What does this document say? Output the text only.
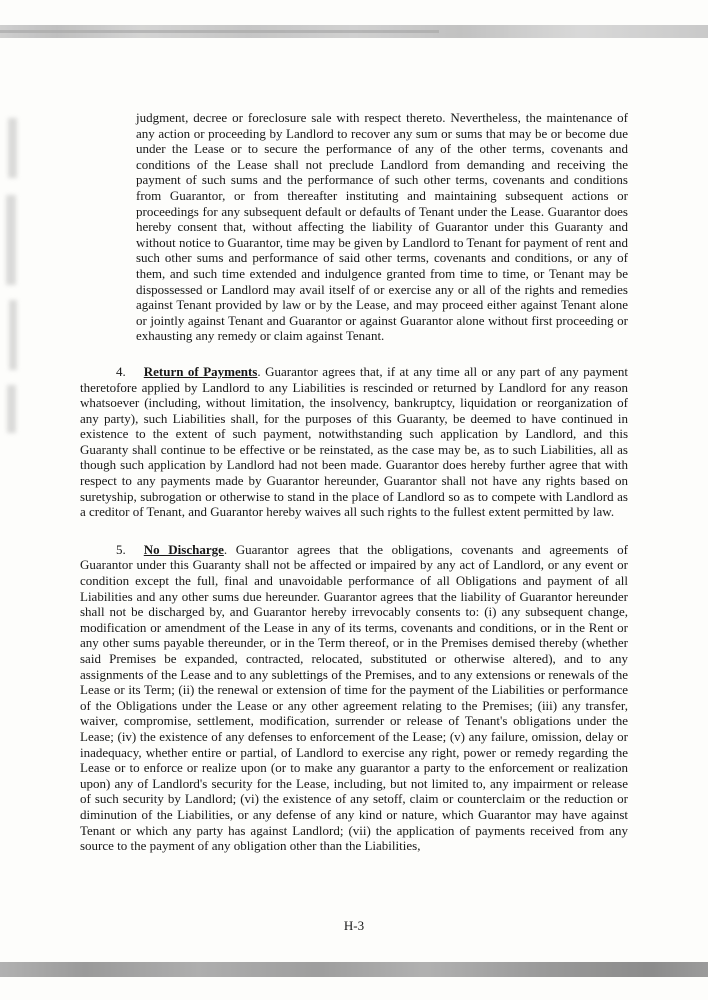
judgment, decree or foreclosure sale with respect thereto. Nevertheless, the maintenance of any action or proceeding by Landlord to recover any sum or sums that may be or become due under the Lease or to secure the performance of any of the other terms, covenants and conditions of the Lease shall not preclude Landlord from demanding and receiving the payment of such sums and the performance of such other terms, covenants and conditions from Guarantor, or from thereafter instituting and maintaining subsequent actions or proceedings for any subsequent default or defaults of Tenant under the Lease. Guarantor does hereby consent that, without affecting the liability of Guarantor under this Guaranty and without notice to Guarantor, time may be given by Landlord to Tenant for payment of rent and such other sums and performance of said other terms, covenants and conditions, or any of them, and such time extended and indulgence granted from time to time, or Tenant may be dispossessed or Landlord may avail itself of or exercise any or all of the rights and remedies against Tenant provided by law or by the Lease, and may proceed either against Tenant alone or jointly against Tenant and Guarantor or against Guarantor alone without first proceeding or exhausting any remedy or claim against Tenant.

4. Return of Payments. Guarantor agrees that, if at any time all or any part of any payment theretofore applied by Landlord to any Liabilities is rescinded or returned by Landlord for any reason whatsoever (including, without limitation, the insolvency, bankruptcy, liquidation or reorganization of any party), such Liabilities shall, for the purposes of this Guaranty, be deemed to have continued in existence to the extent of such payment, notwithstanding such application by Landlord, and this Guaranty shall continue to be effective or be reinstated, as the case may be, as to such Liabilities, all as though such application by Landlord had not been made. Guarantor does hereby further agree that with respect to any payments made by Guarantor hereunder, Guarantor shall not have any rights based on suretyship, subrogation or otherwise to stand in the place of Landlord so as to compete with Landlord as a creditor of Tenant, and Guarantor hereby waives all such rights to the fullest extent permitted by law.

5. No Discharge. Guarantor agrees that the obligations, covenants and agreements of Guarantor under this Guaranty shall not be affected or impaired by any act of Landlord, or any event or condition except the full, final and unavoidable performance of all Obligations and payment of all Liabilities and any other sums due hereunder. Guarantor agrees that the liability of Guarantor hereunder shall not be discharged by, and Guarantor hereby irrevocably consents to: (i) any subsequent change, modification or amendment of the Lease in any of its terms, covenants and conditions, or in the Rent or any other sums payable thereunder, or in the Term thereof, or in the Premises demised thereby (whether said Premises be expanded, contracted, relocated, substituted or otherwise altered), and to any assignments of the Lease and to any sublettings of the Premises, and to any extensions or renewals of the Lease or its Term; (ii) the renewal or extension of time for the payment of the Liabilities or performance of the Obligations under the Lease or any other agreement relating to the Premises; (iii) any transfer, waiver, compromise, settlement, modification, surrender or release of Tenant's obligations under the Lease; (iv) the existence of any defenses to enforcement of the Lease; (v) any failure, omission, delay or inadequacy, whether entire or partial, of Landlord to exercise any right, power or remedy regarding the Lease or to enforce or realize upon (or to make any guarantor a party to the enforcement or realization upon) any of Landlord's security for the Lease, including, but not limited to, any impairment or release of such security by Landlord; (vi) the existence of any setoff, claim or counterclaim or the reduction or diminution of the Liabilities, or any defense of any kind or nature, which Guarantor may have against Tenant or which any party has against Landlord; (vii) the application of payments received from any source to the payment of any obligation other than the Liabilities,

H-3
